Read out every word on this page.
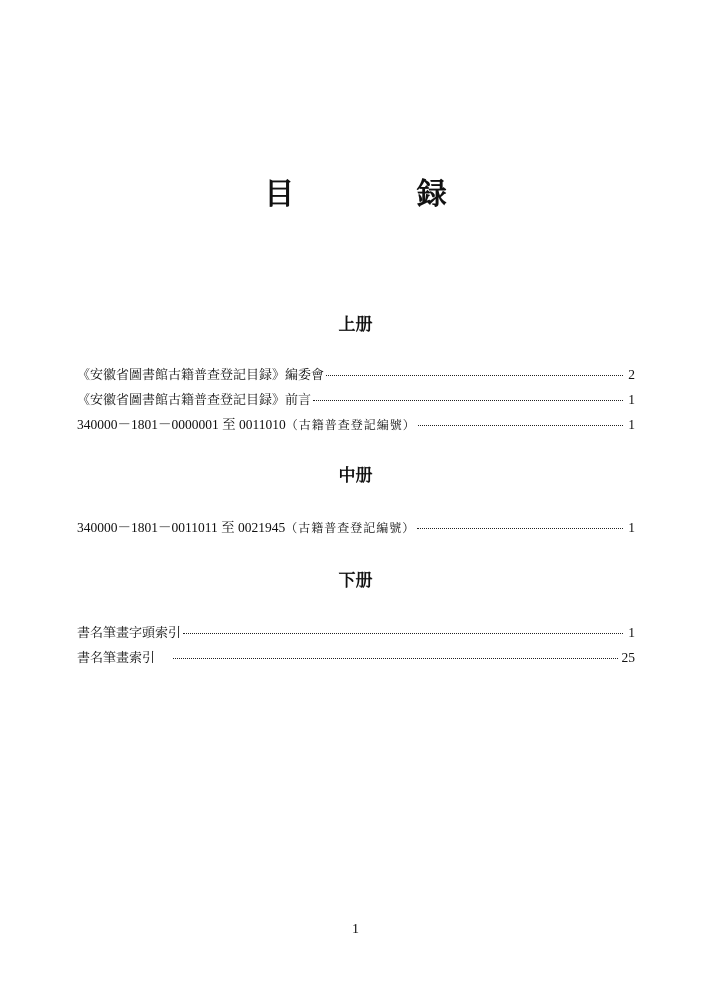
目 録
上册
《安徽省圖書館古籍普查登記目録》編委會	2
《安徽省圖書館古籍普查登記目録》前言	1
340000－1801－0000001 至 0011010（古籍普查登記編號）	1
中册
340000－1801－0011011 至 0021945（古籍普查登記編號）	1
下册
書名筆畫字頭索引	1
書名筆畫索引	25
1
